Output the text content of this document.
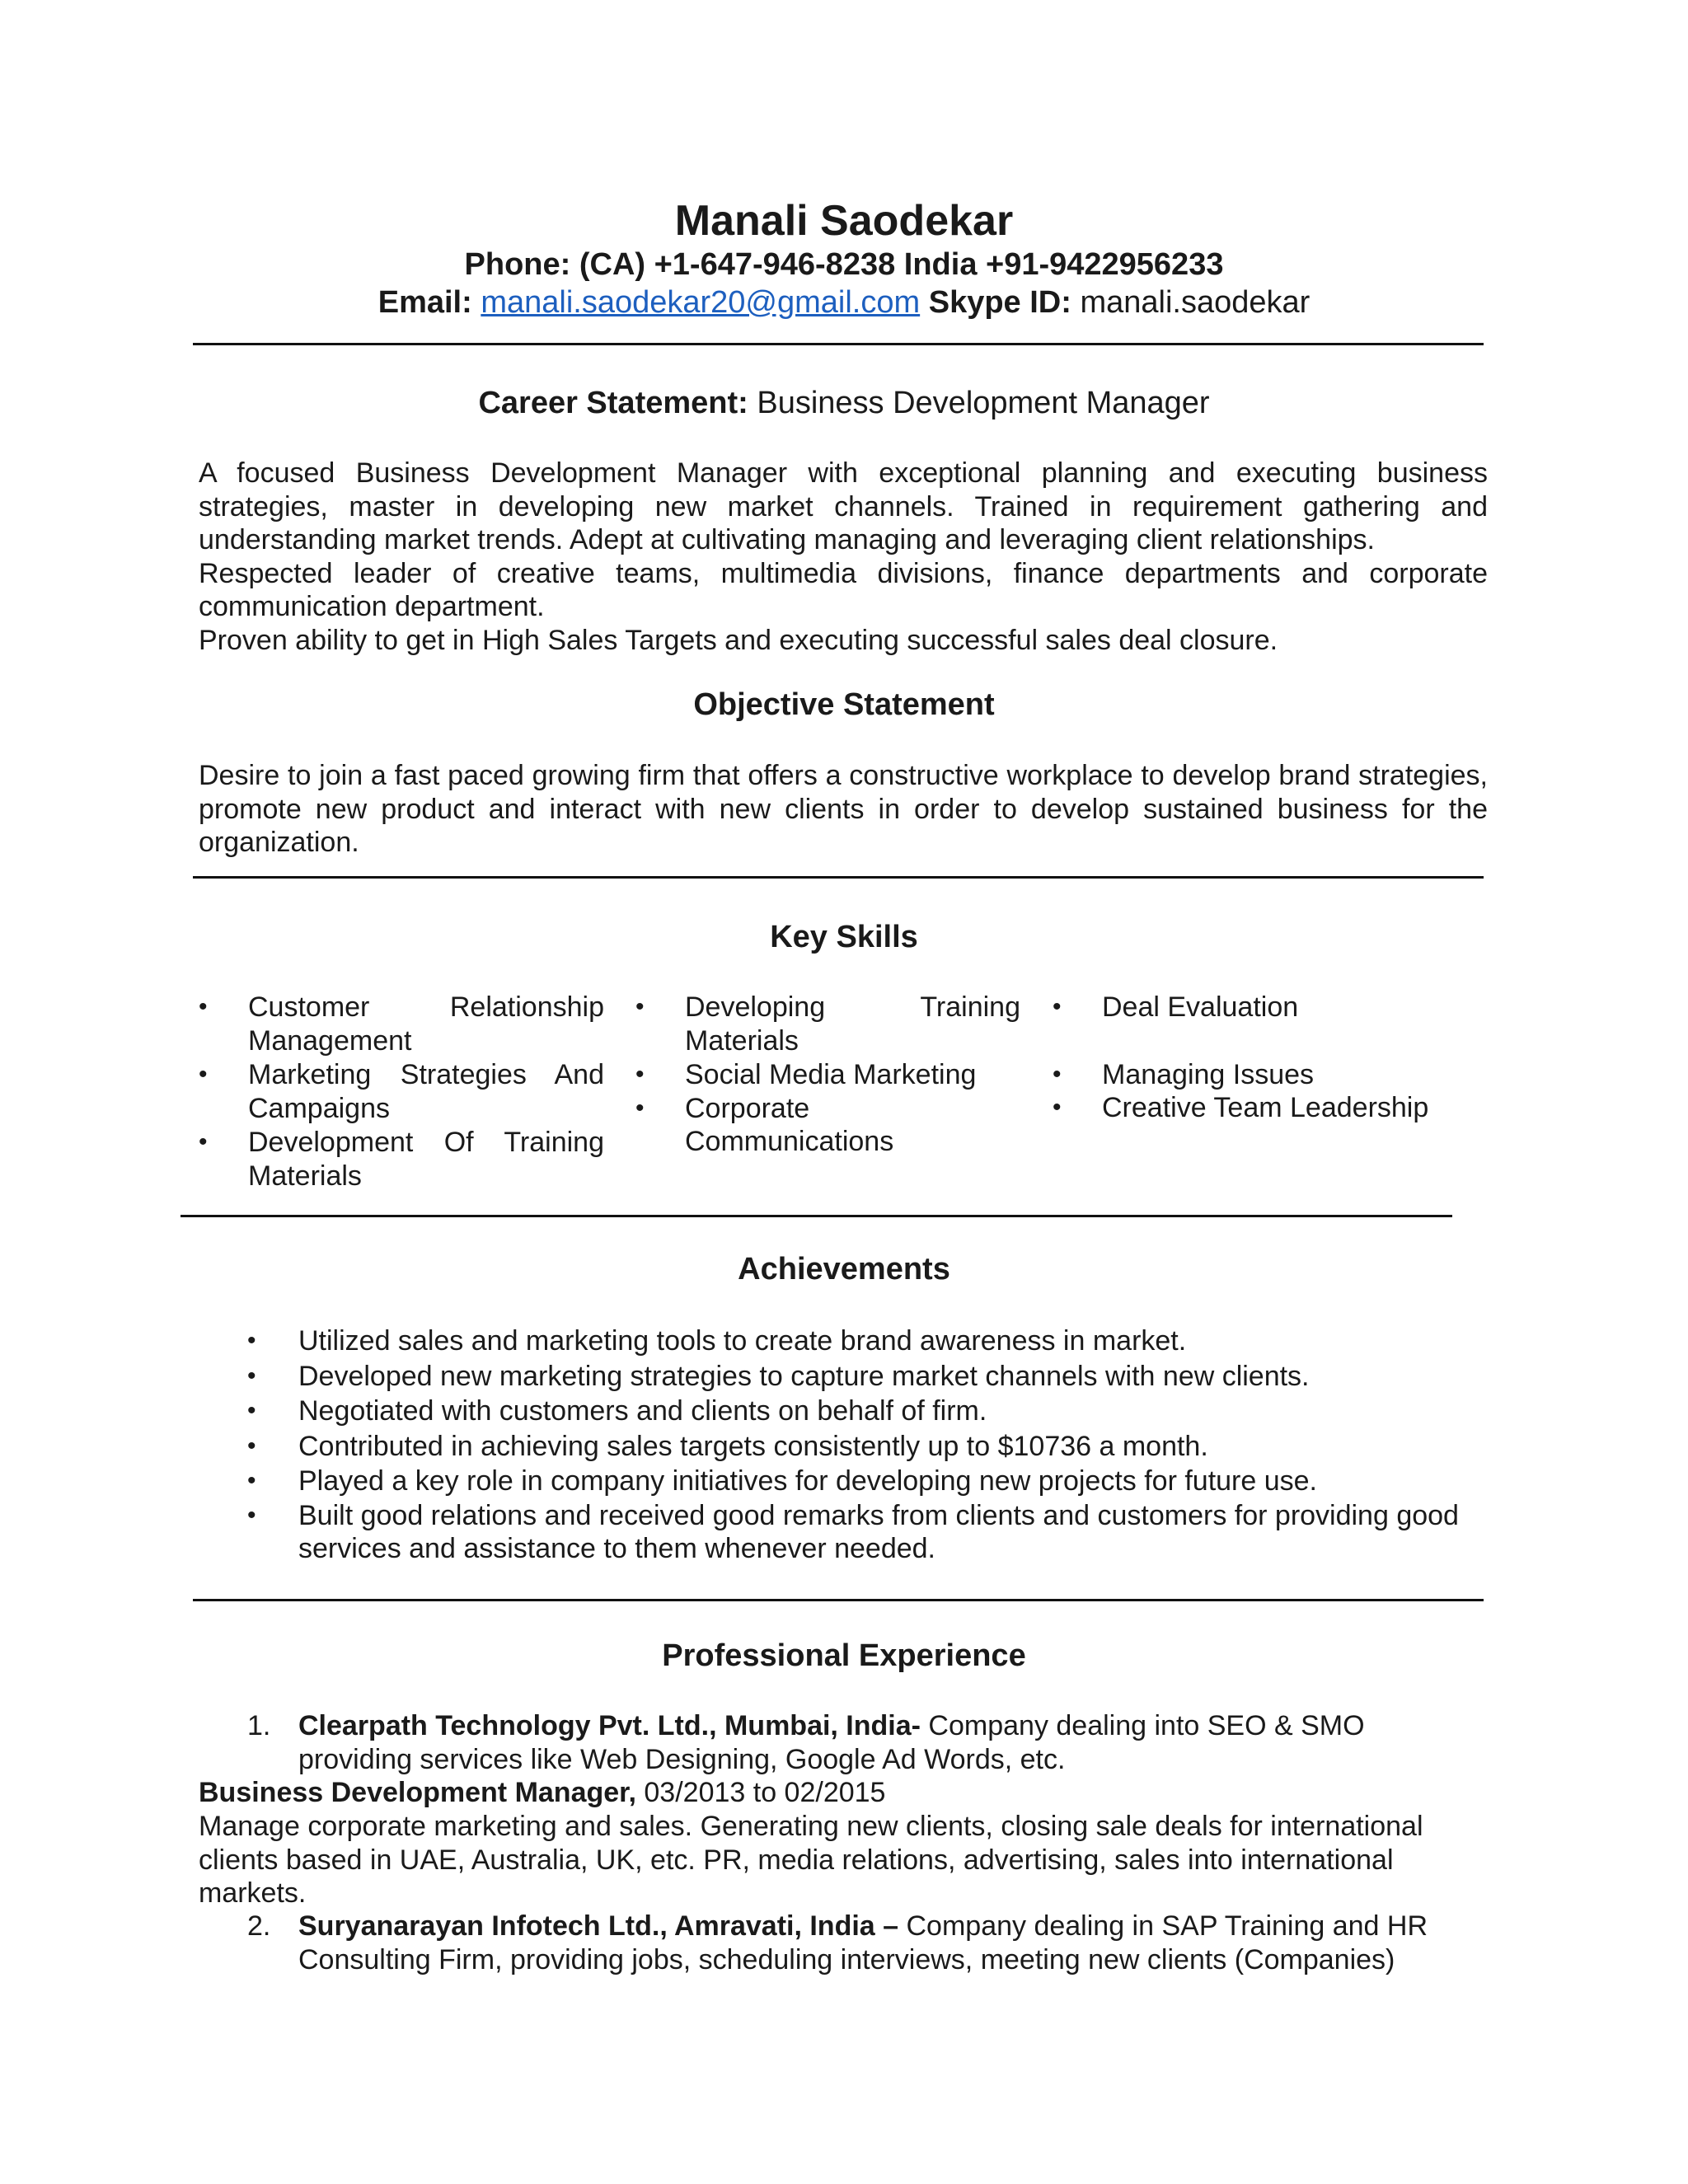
Manali Saodekar
Phone: (CA) +1-647-946-8238 India +91-9422956233
Email: manali.saodekar20@gmail.com Skype ID: manali.saodekar
Career Statement: Business Development Manager

A focused Business Development Manager with exceptional planning and executing business strategies, master in developing new market channels. Trained in requirement gathering and understanding market trends. Adept at cultivating managing and leveraging client relationships.

Respected leader of creative teams, multimedia divisions, finance departments and corporate communication department.

Proven ability to get in High Sales Targets and executing successful sales deal closure.

Objective Statement

Desire to join a fast paced growing firm that offers a constructive workplace to develop brand strategies, promote new product and interact with new clients in order to develop sustained business for the organization.

Key Skills
• Customer Relationship Management
• Marketing Strategies And Campaigns
• Development Of Training Materials
• Developing Training Materials
• Social Media Marketing
• Corporate Communications
• Deal Evaluation
• Managing Issues
• Creative Team Leadership
Achievements
• Utilized sales and marketing tools to create brand awareness in market.
• Developed new marketing strategies to capture market channels with new clients.
• Negotiated with customers and clients on behalf of firm.
• Contributed in achieving sales targets consistently up to $10736 a month.
• Played a key role in company initiatives for developing new projects for future use.
• Built good relations and received good remarks from clients and customers for providing good services and assistance to them whenever needed.
Professional Experience
1. Clearpath Technology Pvt. Ltd., Mumbai, India- Company dealing into SEO & SMO providing services like Web Designing, Google Ad Words, etc.
Business Development Manager, 03/2013 to 02/2015
Manage corporate marketing and sales. Generating new clients, closing sale deals for international clients based in UAE, Australia, UK, etc. PR, media relations, advertising, sales into international markets.
2. Suryanarayan Infotech Ltd., Amravati, India – Company dealing in SAP Training and HR Consulting Firm, providing jobs, scheduling interviews, meeting new clients (Companies)
